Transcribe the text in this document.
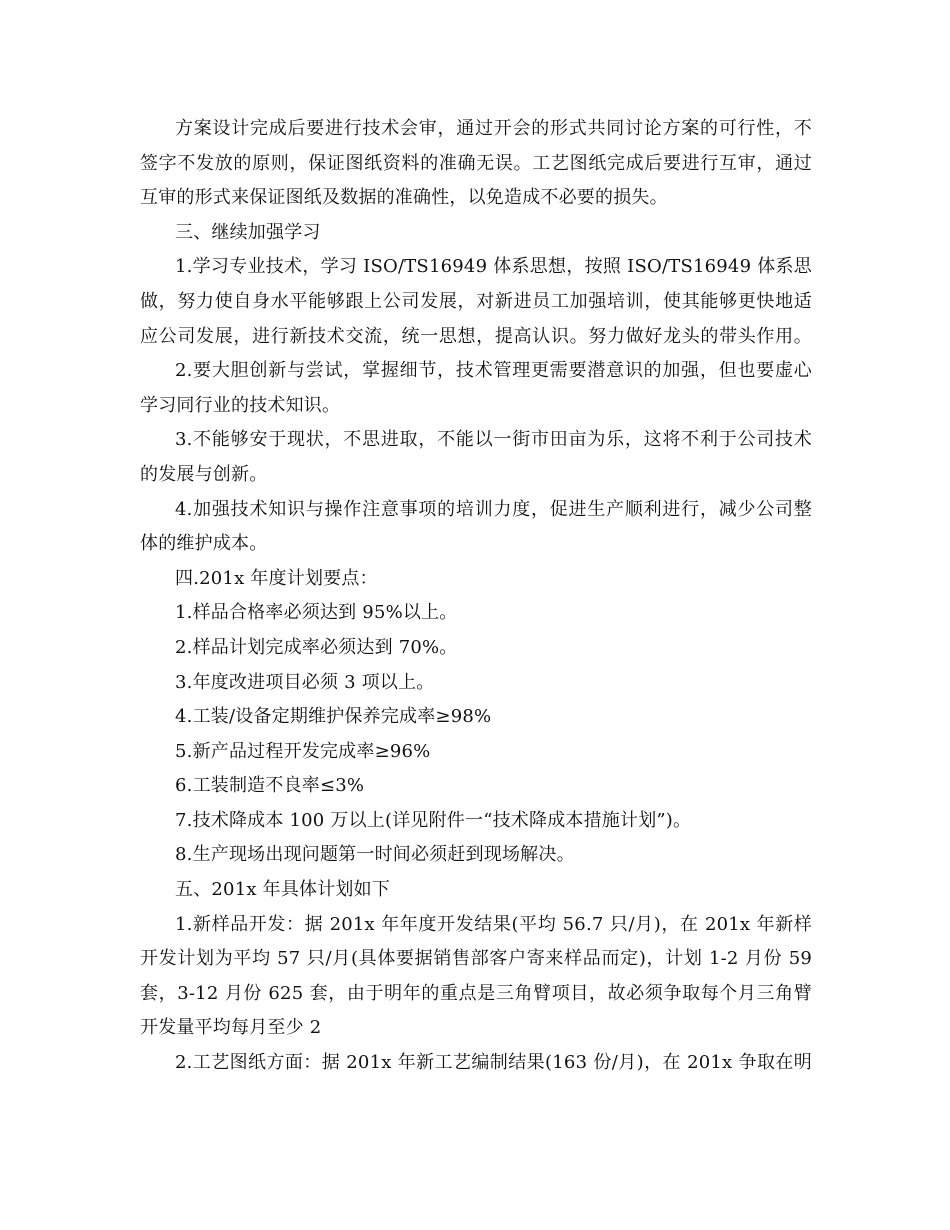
方案设计完成后要进行技术会审，通过开会的形式共同讨论方案的可行性，不
签字不发放的原则，保证图纸资料的准确无误。工艺图纸完成后要进行互审，通过
互审的形式来保证图纸及数据的准确性，以免造成不必要的损失。
三、继续加强学习
1.学习专业技术，学习 ISO/TS16949 体系思想，按照 ISO/TS16949 体系思
做，努力使自身水平能够跟上公司发展，对新进员工加强培训，使其能够更快地适
应公司发展，进行新技术交流，统一思想，提高认识。努力做好龙头的带头作用。
2.要大胆创新与尝试，掌握细节，技术管理更需要潜意识的加强，但也要虚心
学习同行业的技术知识。
3.不能够安于现状，不思进取，不能以一街市田亩为乐，这将不利于公司技术
的发展与创新。
4.加强技术知识与操作注意事项的培训力度，促进生产顺利进行，减少公司整
体的维护成本。
四.201x 年度计划要点：
1.样品合格率必须达到 95%以上。
2.样品计划完成率必须达到 70%。
3.年度改进项目必须 3 项以上。
4.工装/设备定期维护保养完成率≥98%
5.新产品过程开发完成率≥96%
6.工装制造不良率≤3%
7.技术降成本 100 万以上(详见附件一“技术降成本措施计划”)。
8.生产现场出现问题第一时间必须赶到现场解决。
五、201x 年具体计划如下
1.新样品开发：据 201x 年年度开发结果(平均 56.7 只/月)，在 201x 年新样
开发计划为平均 57 只/月(具体要据销售部客户寄来样品而定)，计划 1-2 月份 59
套，3-12 月份 625 套，由于明年的重点是三角臂项目，故必须争取每个月三角臂
开发量平均每月至少 2
2.工艺图纸方面：据 201x 年新工艺编制结果(163 份/月)，在 201x 争取在明
